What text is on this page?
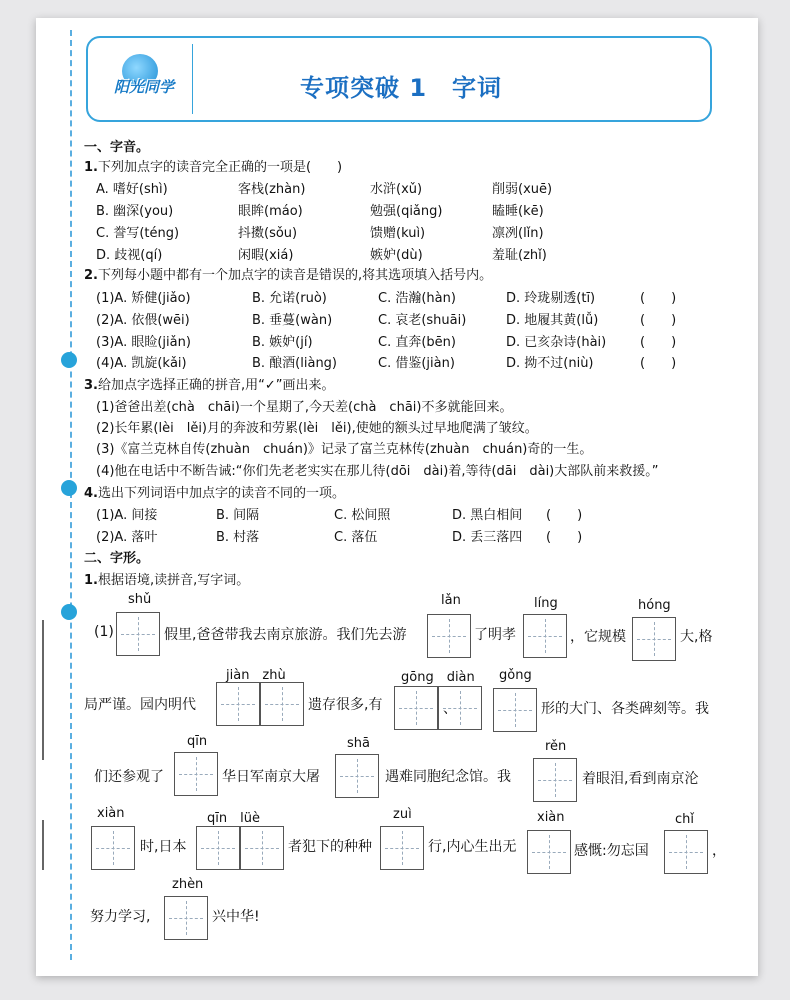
阳光同学	专项突破 1　字词
一、字音。
1.下列加点字的读音完全正确的一项是(　　)
A. 嗜好(shì)	客栈(zhàn)	水浒(xǔ)	削弱(xuē)
B. 幽深(you)	眼眸(máo)	勉强(qiǎng)	瞌睡(kē)
C. 誊写(téng)	抖擞(sǒu)	馈赠(kuì)	凛冽(lǐn)
D. 歧视(qí)	闲暇(xiá)	嫉妒(dù)	羞耻(zhǐ)
2.下列每小题中都有一个加点字的读音是错误的,将其选项填入括号内。
(1)A. 矫健(jiǎo)	B. 允诺(ruò)	C. 浩瀚(hàn)	D. 玲珑剔透(tī)	(　　)
(2)A. 依偎(wēi)	B. 垂蔓(wàn)	C. 哀老(shuāi)	D. 地履其黄(lǚ)	(　　)
(3)A. 眼睑(jiǎn)	B. 嫉妒(jí)	C. 直奔(bēn)	D. 已亥杂诗(hài)	(　　)
(4)A. 凯旋(kǎi)	B. 酿酒(liàng)	C. 借鉴(jiàn)	D. 拗不过(niù)	(　　)
3.给加点字选择正确的拼音,用“✓”画出来。
(1)爸爸出差(chà　chāi)一个星期了,今天差(chà　chāi)不多就能回来。
(2)长年累(lèi　lěi)月的奔波和劳累(lèi　lěi),使她的额头过早地爬满了皱纹。
(3)《富兰克林自传(zhuàn　chuán)》记录了富兰克林传(zhuàn　chuán)奇的一生。
(4)他在电话中不断告诫:“你们先老老实实在那儿待(dōi　dài)着,等待(dāi　dài)大部队前来救援。”
4.选出下列词语中加点字的读音不同的一项。
(1)A. 间接	B. 间隔	C. 松间照	D. 黑白相间 (　　)
(2)A. 落叶	B. 村落	C. 落伍	D. 丢三落四 (　　)
二、字形。
1.根据语境,读拼音,写字词。
shǔ	lǎn	líng	hóng
jiàn　zhù	gōng　diàn gǒng
qīn	shā	rěn
xiàn	qīn　lüè	zuì	xiàn	chǐ
zhèn
(1)	假里,爸爸带我去南京旅游。我们先去游	了明孝	，它规模	大,格
局严谨。园内明代	遗存很多,有	、	形的大门、各类碑刻等。我
们还参观了	华日军南京大屠	遇难同胞纪念馆。我	着眼泪,看到南京沦
时,日本	者犯下的种种	行,内心生出无	感慨:勿忘国	，
努力学习,	兴中华!
